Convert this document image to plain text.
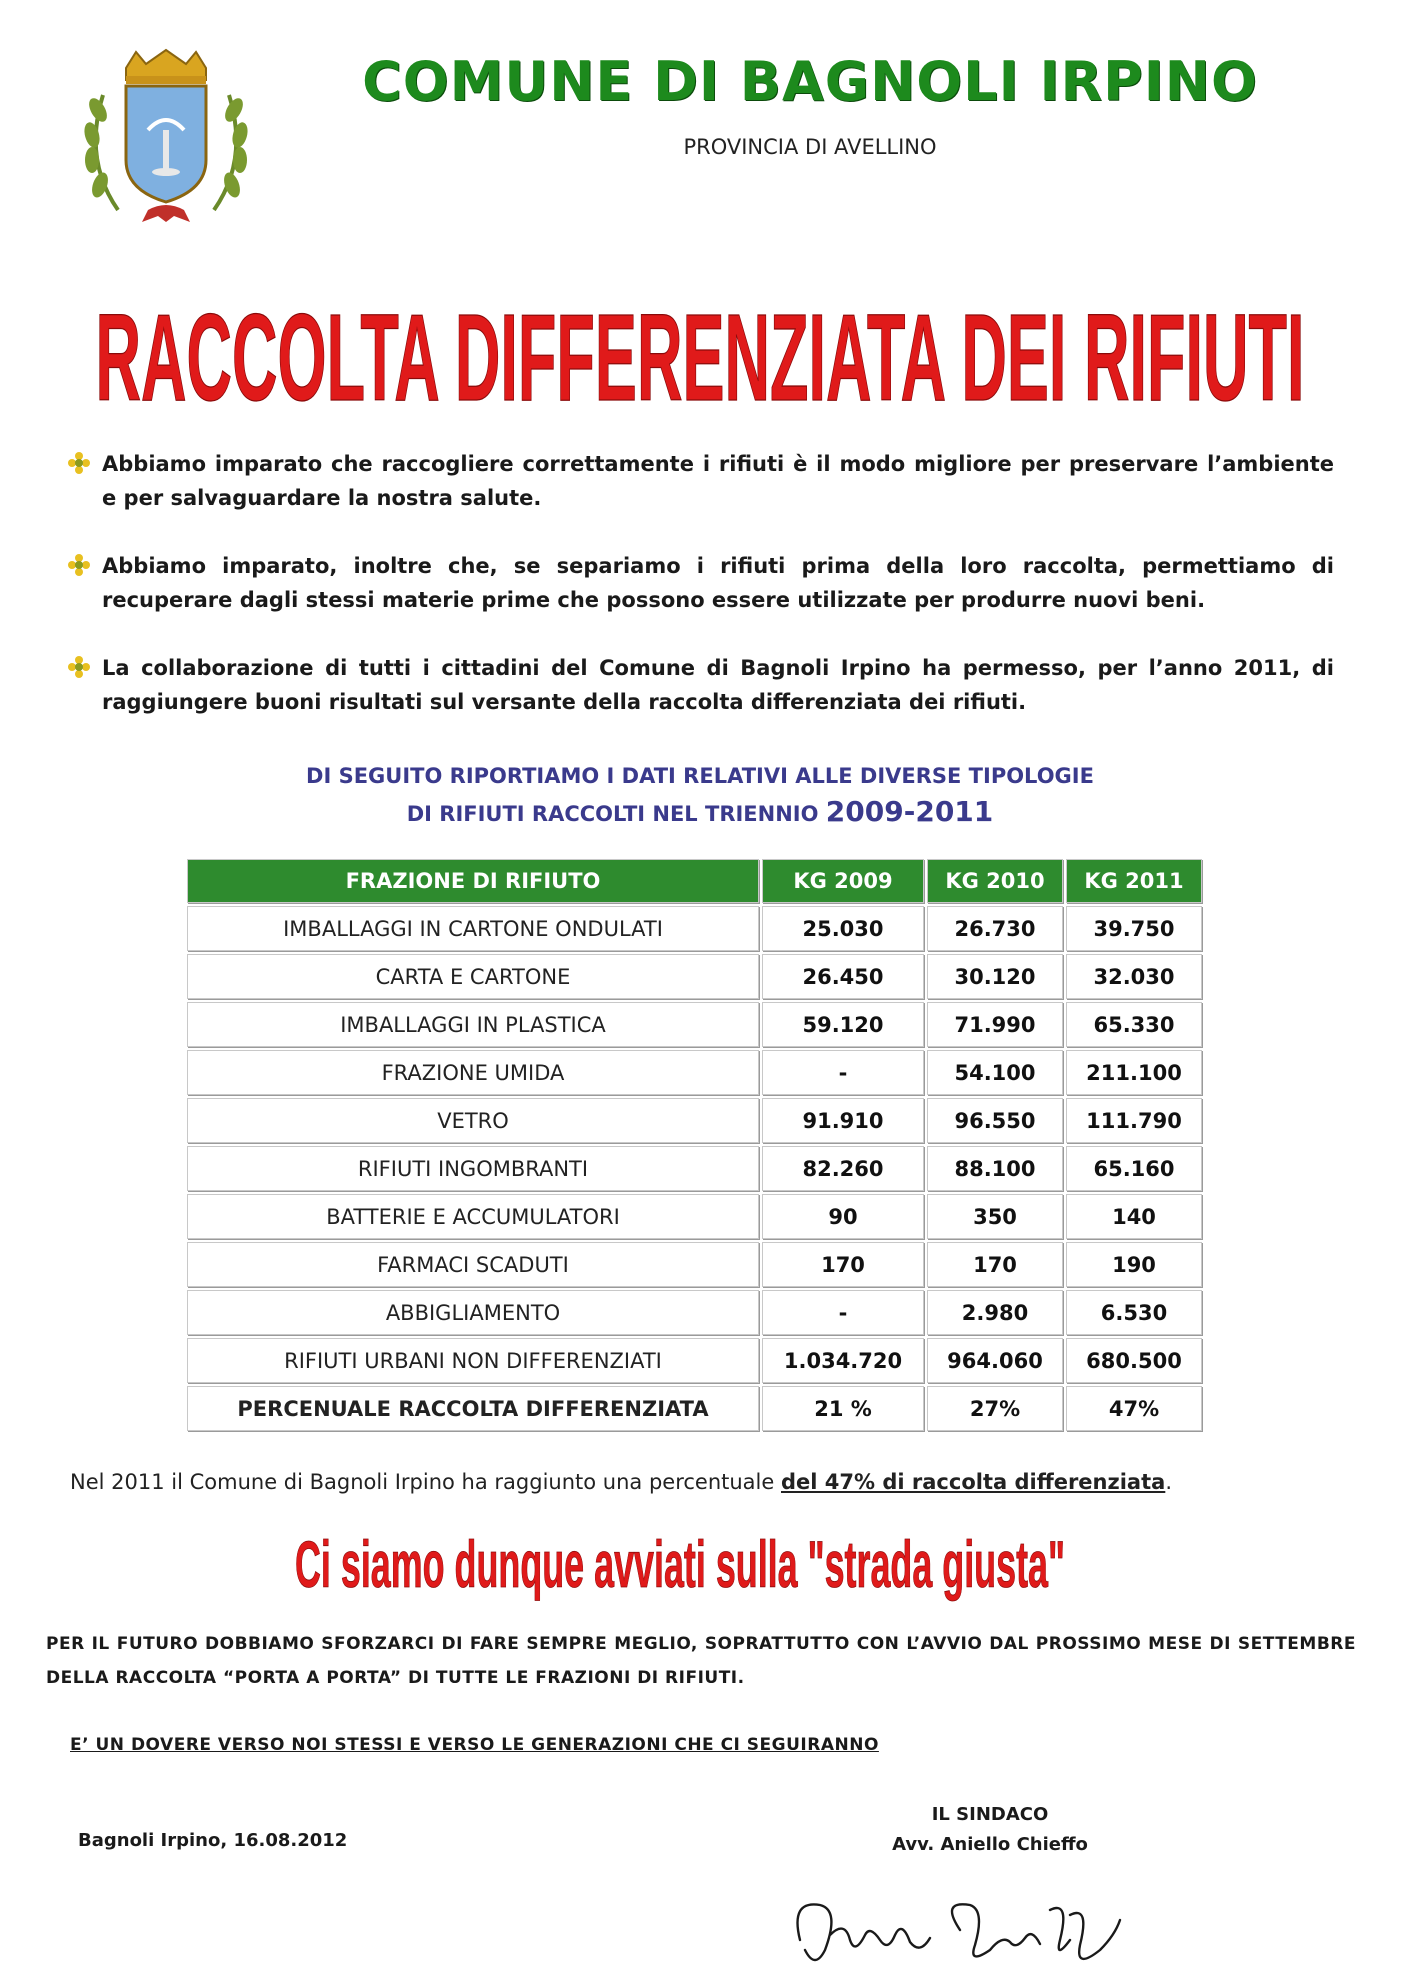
COMUNE DI BAGNOLI IRPINO
PROVINCIA DI AVELLINO
RACCOLTA DIFFERENZIATA DEI RIFIUTI
Abbiamo imparato che raccogliere correttamente i rifiuti è il modo migliore per preservare l’ambiente e per salvaguardare la nostra salute.
Abbiamo imparato, inoltre che, se separiamo i rifiuti prima della loro raccolta, permettiamo di recuperare dagli stessi materie prime che possono essere utilizzate per produrre nuovi beni.
La collaborazione di tutti i cittadini del Comune di Bagnoli Irpino ha permesso, per l’anno 2011, di raggiungere buoni risultati sul versante della raccolta differenziata dei rifiuti.
DI SEGUITO RIPORTIAMO I DATI RELATIVI ALLE DIVERSE TIPOLOGIE
DI RIFIUTI RACCOLTI NEL TRIENNIO 2009-2011
FRAZIONE DI RIFIUTO	KG 2009	KG 2010	KG 2011
IMBALLAGGI IN CARTONE ONDULATI	25.030	26.730	39.750
CARTA E CARTONE	26.450	30.120	32.030
IMBALLAGGI IN PLASTICA	59.120	71.990	65.330
FRAZIONE UMIDA	-	54.100	211.100
VETRO	91.910	96.550	111.790
RIFIUTI INGOMBRANTI	82.260	88.100	65.160
BATTERIE E ACCUMULATORI	90	350	140
FARMACI SCADUTI	170	170	190
ABBIGLIAMENTO	-	2.980	6.530
RIFIUTI URBANI NON DIFFERENZIATI	1.034.720	964.060	680.500
PERCENUALE RACCOLTA DIFFERENZIATA	21 %	27%	47%
Nel 2011 il Comune di Bagnoli Irpino ha raggiunto una percentuale del 47% di raccolta differenziata.
Ci siamo dunque avviati sulla "strada giusta"
PER IL FUTURO DOBBIAMO SFORZARCI DI FARE SEMPRE MEGLIO, SOPRATTUTTO CON L’AVVIO DAL PROSSIMO MESE DI SETTEMBRE DELLA RACCOLTA “PORTA A PORTA” DI TUTTE LE FRAZIONI DI RIFIUTI.
E’ UN DOVERE VERSO NOI STESSI E VERSO LE GENERAZIONI CHE CI SEGUIRANNO
Bagnoli Irpino, 16.08.2012
IL SINDACO
Avv. Aniello Chieffo
